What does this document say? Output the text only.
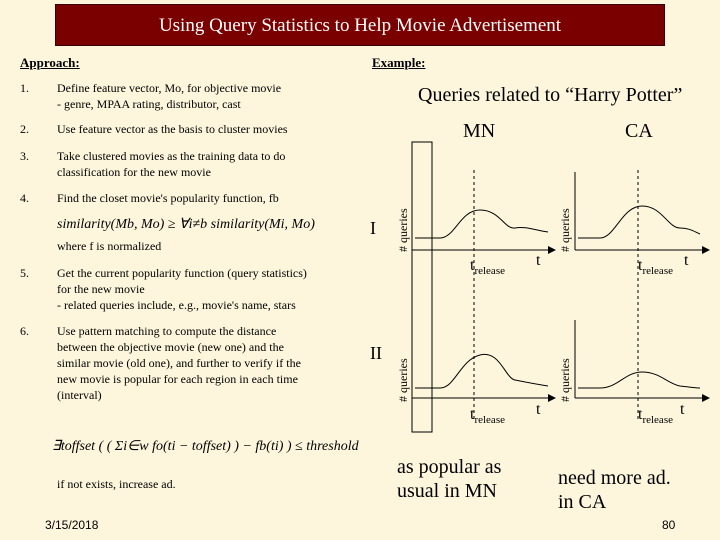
Using Query Statistics to Help Movie Advertisement
Approach:
1. Define feature vector, Mo, for objective movie
- genre, MPAA rating, distributor, cast
2. Use feature vector as the basis to cluster movies
3. Take clustered movies as the training data to do
classification for the new movie
4. Find the closet movie's popularity function, fb
similarity(Mb, Mo) ≥ ∀i≠b similarity(Mi, Mo)
where f is normalized
5. Get the current popularity function (query statistics)
for the new movie
- related queries include, e.g., movie's name, stars
6. Use pattern matching to compute the distance
between the objective movie (new one) and the
similar movie (old one), and further to verify if the
new movie is popular for each region in each time
(interval)
∃toffset ( ( Σi∈w fo(ti − toffset) ) − fb(ti) ) ≤ threshold
if not exists, increase ad.
Example:
Queries related to “Harry Potter”
MN	CA
I
II
# queries	# queries
# queries	# queries
$t_{release}$
t	$t_{release}$
t
$t_{release}$
t	$t_{release}$
t
as popular as
usual in MN
need more ad.
in CA
3/15/2018	80
